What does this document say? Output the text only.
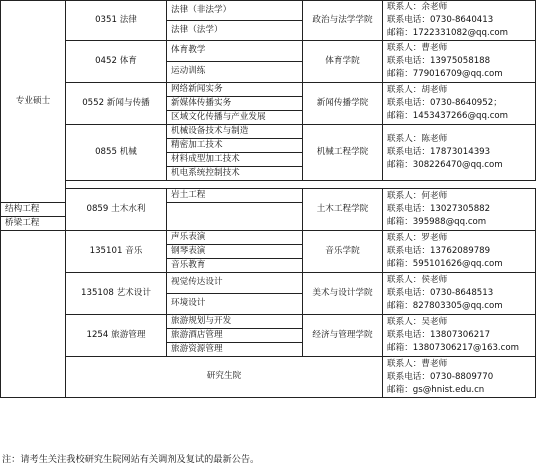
专业硕士	0351 法律	法律（非法学）	政治与法学学院	联系人：余老师
联系电话：0730-8640413
邮箱：1722331082@qq.com

		法律（法学）		
	0452 体育	体育教学	体育学院	联系人：曹老师
联系电话：13975058188
邮箱：779016709@qq.com

		运动训练		
	0552 新闻与传播	网络新闻实务	新闻传播学院	联系人：胡老师
联系电话：0730-8640952；
邮箱：1453437266@qq.com

		新媒体传播实务		
		区域文化传播与产业发展		
	0855 机械	机械设备技术与制造	机械工程学院	联系人：陈老师
联系电话：17873014393
邮箱：308226470@qq.com

		精密加工技术		
		材料成型加工技术		
		机电系统控制技术		

	0859 土木水利	岩土工程	土木工程学院	联系人：何老师
联系电话：13027305882
邮箱：395988@qq.com

结构工程				
桥梁工程				
	135101 音乐	声乐表演	音乐学院	联系人：罗老师
联系电话：13762089789
邮箱：595101626@qq.com

		钢琴表演		
		音乐教育		
	135108 艺术设计	视觉传达设计	美术与设计学院	联系人：侯老师
联系电话：0730-8648513
邮箱：827803305@qq.com

		环境设计		
	1254 旅游管理	旅游规划与开发	经济与管理学院	联系人：吴老师
联系电话：13807306217
邮箱：13807306217@163.com

		旅游酒店管理		
		旅游资源管理		
	研究生院			联系人：曹老师
联系电话：0730-8809770
邮箱：gs@hnist.edu.cn
注：请考生关注我校研究生院网站有关调剂及复试的最新公告。
